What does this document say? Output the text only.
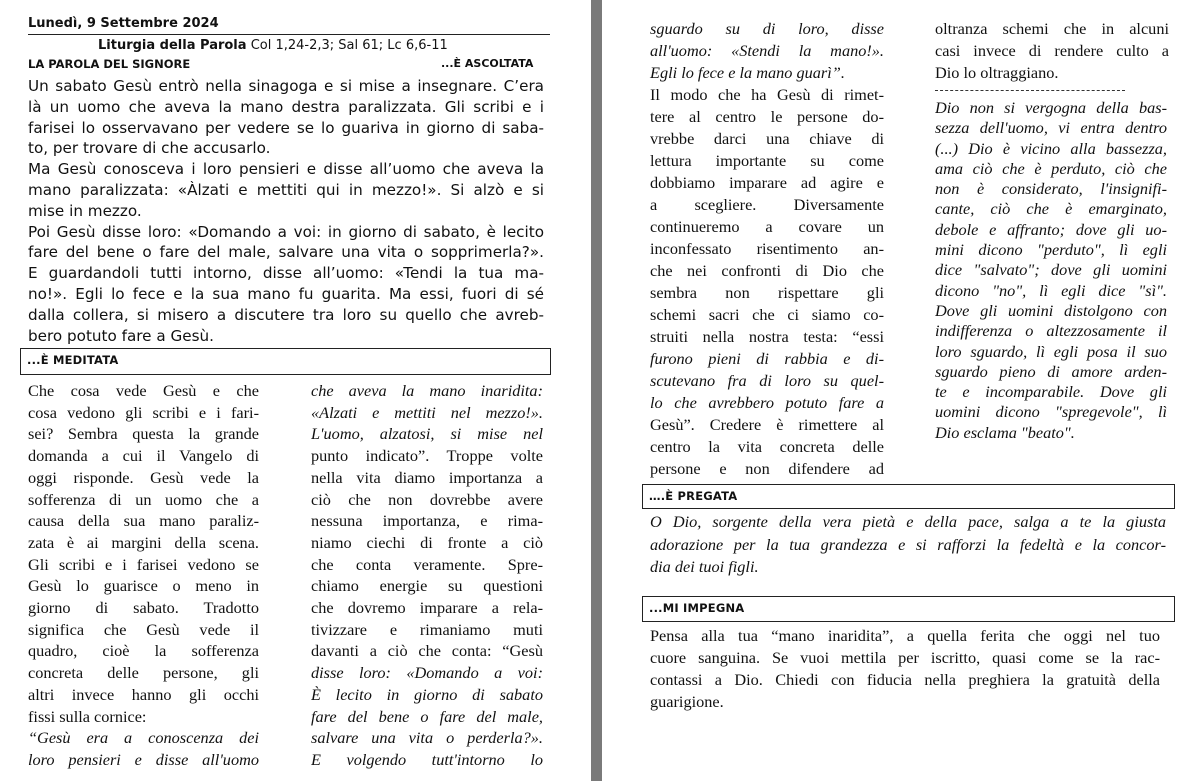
Lunedì, 9 Settembre 2024
Liturgia della Parola Col 1,24-2,3; Sal 61; Lc 6,6-11
LA PAROLA DEL SIGNORE	...È ASCOLTATA
Un sabato Gesù entrò nella sinagoga e si mise a insegnare. C’era
là un uomo che aveva la mano destra paralizzata. Gli scribi e i
farisei lo osservavano per vedere se lo guariva in giorno di saba-
to, per trovare di che accusarlo.
Ma Gesù conosceva i loro pensieri e disse all’uomo che aveva la
mano paralizzata: «Àlzati e mettiti qui in mezzo!». Si alzò e si
mise in mezzo.
Poi Gesù disse loro: «Domando a voi: in giorno di sabato, è lecito
fare del bene o fare del male, salvare una vita o sopprimerla?».
E guardandoli tutti intorno, disse all’uomo: «Tendi la tua ma-
no!». Egli lo fece e la sua mano fu guarita. Ma essi, fuori di sé
dalla collera, si misero a discutere tra loro su quello che avreb-
bero potuto fare a Gesù.
...È MEDITATA
Che cosa vede Gesù e che
cosa vedono gli scribi e i fari-
sei? Sembra questa la grande
domanda a cui il Vangelo di
oggi risponde. Gesù vede la
sofferenza di un uomo che a
causa della sua mano paraliz-
zata è ai margini della scena.
Gli scribi e i farisei vedono se
Gesù lo guarisce o meno in
giorno di sabato. Tradotto
significa che Gesù vede il
quadro, cioè la sofferenza
concreta delle persone, gli
altri invece hanno gli occhi
fissi sulla cornice:
“Gesù era a conoscenza dei
loro pensieri e disse all'uomo
che aveva la mano inaridita:
«Alzati e mettiti nel mezzo!».
L'uomo, alzatosi, si mise nel
punto indicato”. Troppe volte
nella vita diamo importanza a
ciò che non dovrebbe avere
nessuna importanza, e rima-
niamo ciechi di fronte a ciò
che conta veramente. Spre-
chiamo energie su questioni
che dovremo imparare a rela-
tivizzare e rimaniamo muti
davanti a ciò che conta: “Gesù
disse loro: «Domando a voi:
È lecito in giorno di sabato
fare del bene o fare del male,
salvare una vita o perderla?».
E volgendo tutt'intorno lo
sguardo su di loro, disse
all'uomo: «Stendi la mano!».
Egli lo fece e la mano guarì”.
Il modo che ha Gesù di rimet-
tere al centro le persone do-
vrebbe darci una chiave di
lettura importante su come
dobbiamo imparare ad agire e
a scegliere. Diversamente
continueremo a covare un
inconfessato risentimento an-
che nei confronti di Dio che
sembra non rispettare gli
schemi sacri che ci siamo co-
struiti nella nostra testa: “essi
furono pieni di rabbia e di-
scutevano fra di loro su quel-
lo che avrebbero potuto fare a
Gesù”. Credere è rimettere al
centro la vita concreta delle
persone e non difendere ad
oltranza schemi che in alcuni
casi invece di rendere culto a
Dio lo oltraggiano.
Dio non si vergogna della bas-
sezza dell'uomo, vi entra dentro
(...) Dio è vicino alla bassezza,
ama ciò che è perduto, ciò che
non è considerato, l'insignifi-
cante, ciò che è emarginato,
debole e affranto; dove gli uo-
mini dicono "perduto", lì egli
dice "salvato"; dove gli uomini
dicono "no", lì egli dice "sì".
Dove gli uomini distolgono con
indifferenza o altezzosamente il
loro sguardo, lì egli posa il suo
sguardo pieno di amore arden-
te e incomparabile. Dove gli
uomini dicono "spregevole", lì
Dio esclama "beato".
….È PREGATA
O Dio, sorgente della vera pietà e della pace, salga a te la giusta
adorazione per la tua grandezza e si rafforzi la fedeltà e la concor-
dia dei tuoi figli.
...MI IMPEGNA
Pensa alla tua “mano inaridita”, a quella ferita che oggi nel tuo
cuore sanguina. Se vuoi mettila per iscritto, quasi come se la rac-
contassi a Dio. Chiedi con fiducia nella preghiera la gratuità della
guarigione.
